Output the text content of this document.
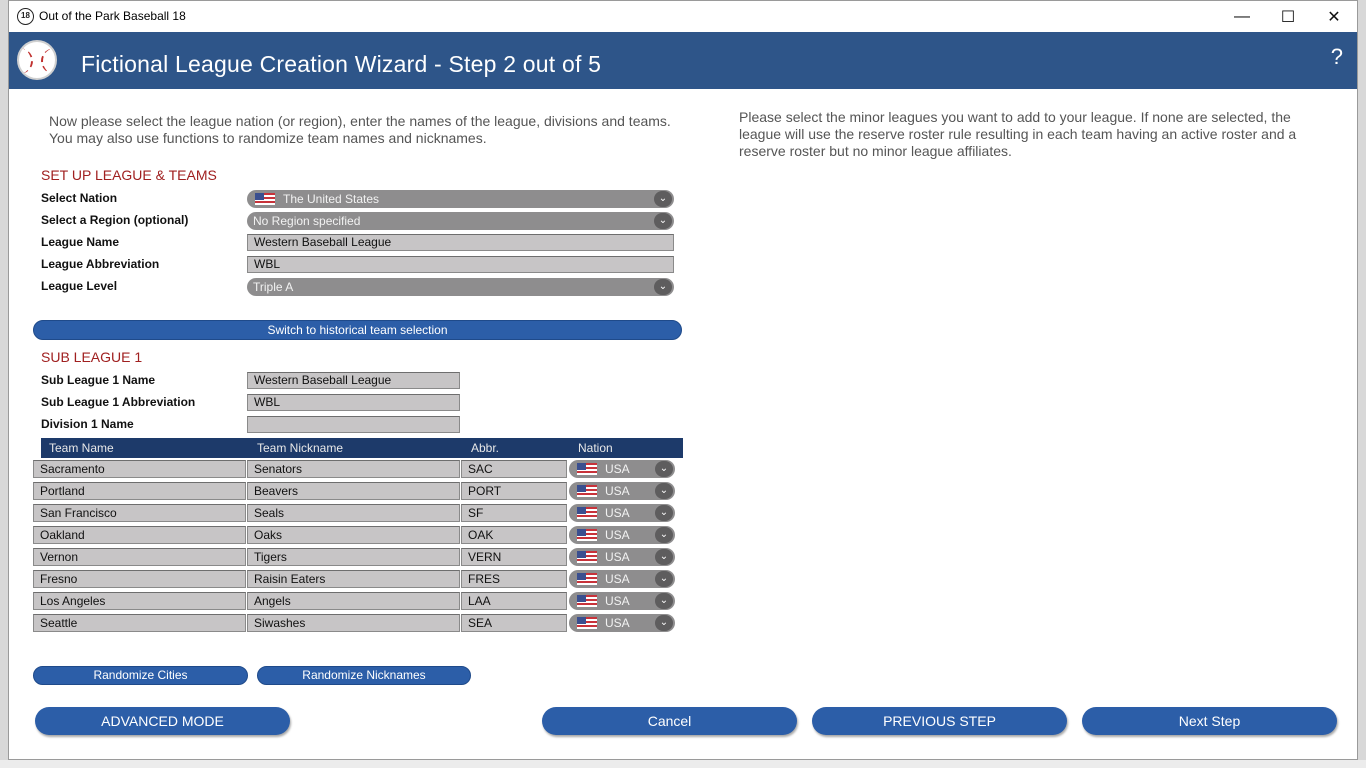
18 Out of the Park Baseball 18	—	☐	✕
Fictional League Creation Wizard - Step 2 out of 5	?
Now please select the league nation (or region), enter the names of the league, divisions and teams. You may also use functions to randomize team names and nicknames.
Please select the minor leagues you want to add to your league. If none are selected, the league will use the reserve roster rule resulting in each team having an active roster and a reserve roster but no minor league affiliates.
SET UP LEAGUE & TEAMS
Select Nation	The United States	⌄
Select a Region (optional)	No Region specified	⌄
League Name	Western Baseball League
League Abbreviation	WBL
League Level	Triple A	⌄
Switch to historical team selection
SUB LEAGUE 1
Sub League 1 Name	Western Baseball League
Sub League 1 Abbreviation	WBL
Division 1 Name
Team Name	Team Nickname	Abbr.	Nation
Sacramento	Senators	SAC	USA	⌄
Portland	Beavers	PORT	USA	⌄
San Francisco	Seals	SF	USA	⌄
Oakland	Oaks	OAK	USA	⌄
Vernon	Tigers	VERN	USA	⌄
Fresno	Raisin Eaters	FRES	USA	⌄
Los Angeles	Angels	LAA	USA	⌄
Seattle	Siwashes	SEA	USA	⌄
Randomize Cities	Randomize Nicknames
ADVANCED MODE	Cancel	PREVIOUS STEP	Next Step
